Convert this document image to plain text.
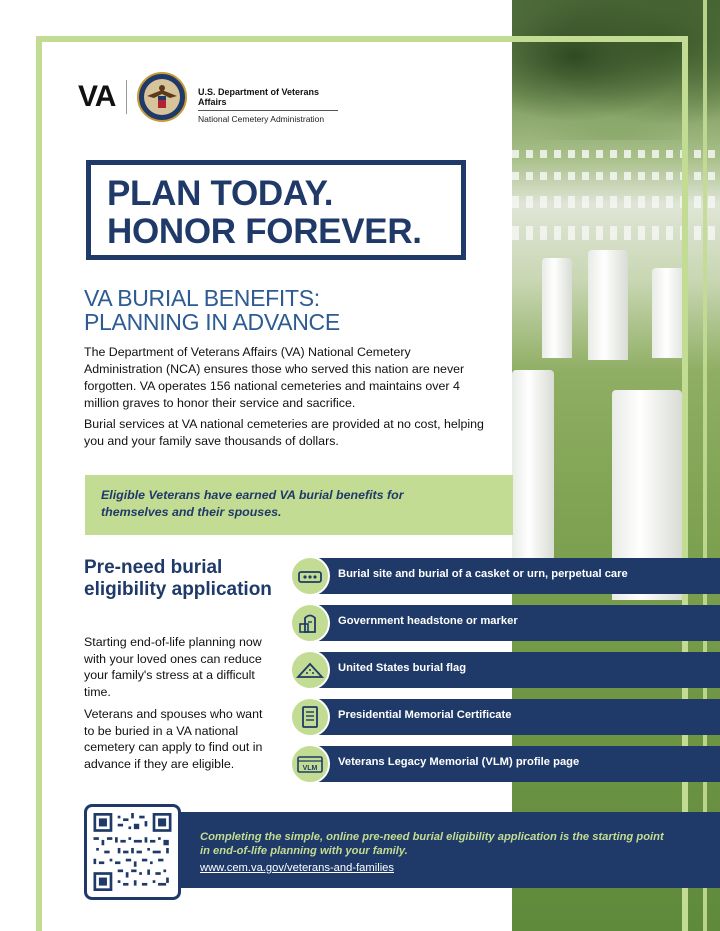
VA	U.S. Department of Veterans Affairs
National Cemetery Administration
PLAN TODAY.
HONOR FOREVER.
VA BURIAL BENEFITS:
PLANNING IN ADVANCE

The Department of Veterans Affairs (VA) National Cemetery Administration (NCA) ensures those who served this nation are never forgotten. VA operates 156 national cemeteries and maintains over 4 million graves to honor their service and sacrifice.

Burial services at VA national cemeteries are provided at no cost, helping you and your family save thousands of dollars.

Eligible Veterans have earned VA burial benefits for themselves and their spouses.
Pre-need burial eligibility application

Starting end-of-life planning now with your loved ones can reduce your family's stress at a difficult time.

Veterans and spouses who want to be buried in a VA national cemetery can apply to find out in advance if they are eligible.

Burial site and burial of a casket or urn, perpetual care
Government headstone or marker
United States burial flag
Presidential Memorial Certificate
VLM
Veterans Legacy Memorial (VLM) profile page
Completing the simple, online pre-need burial eligibility application is the starting point in end-of-life planning with your family.
www.cem.va.gov/veterans-and-families
